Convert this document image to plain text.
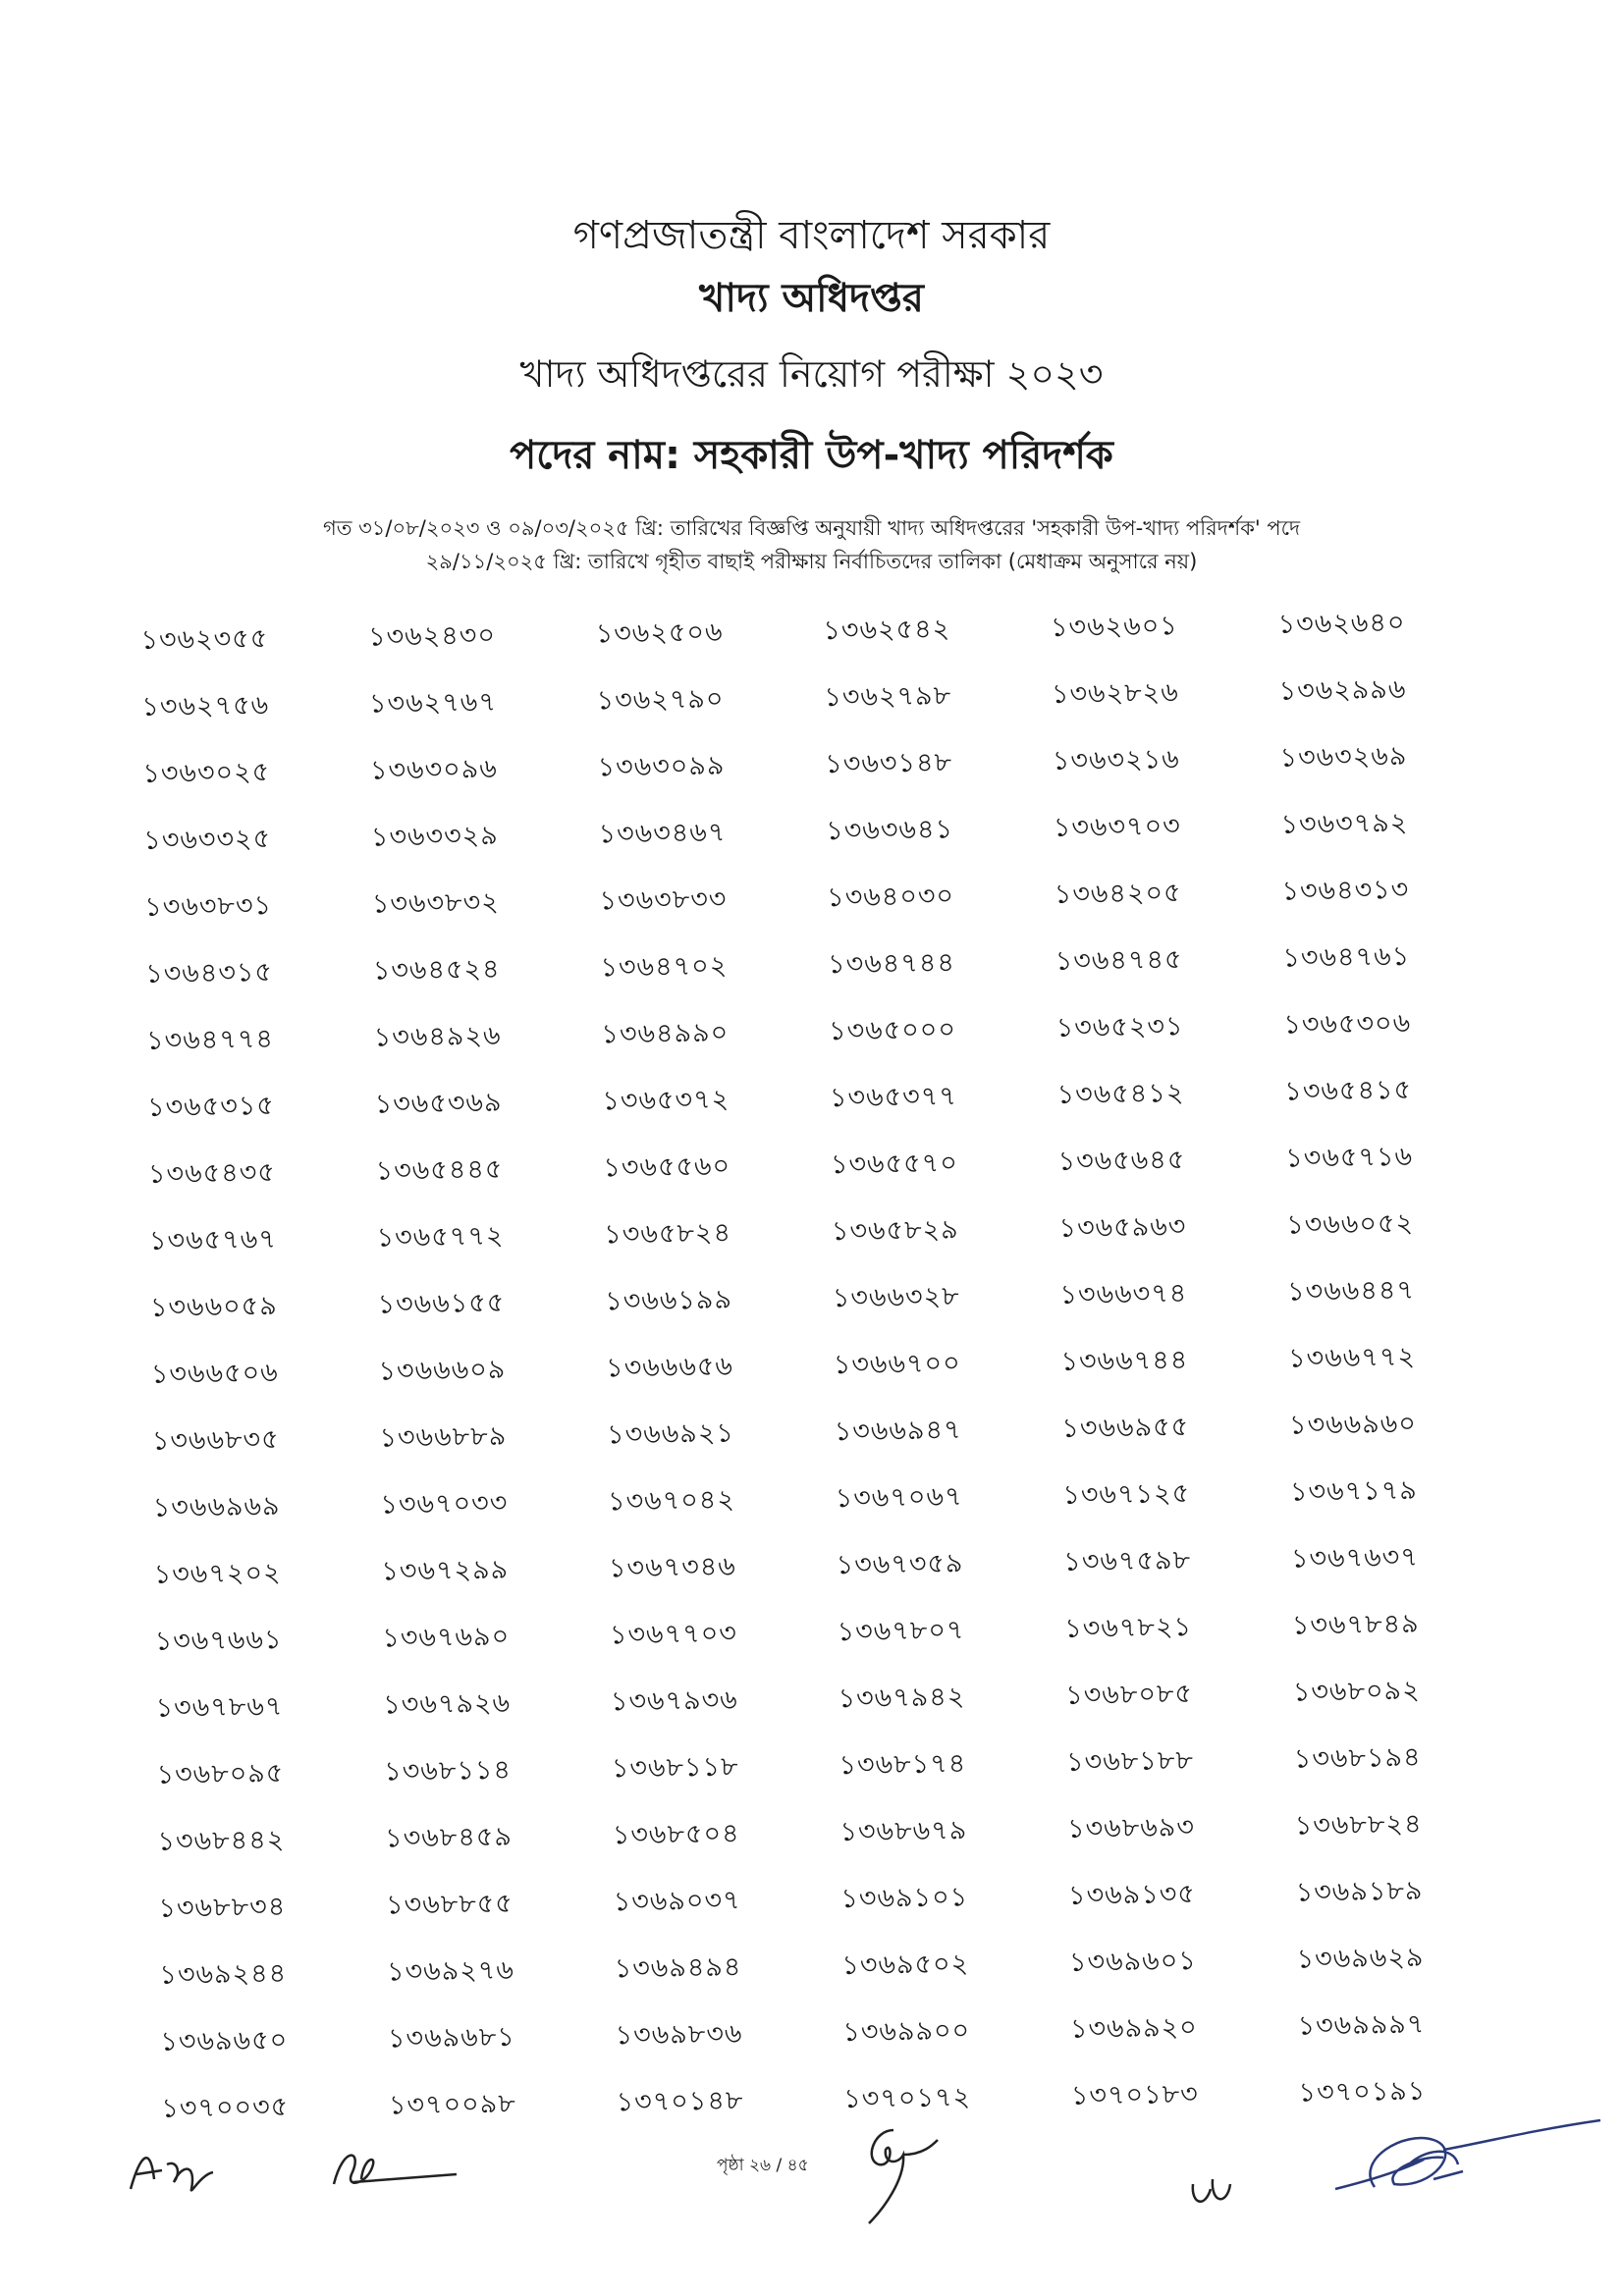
গণপ্রজাতন্ত্রী বাংলাদেশ সরকার
খাদ্য অধিদপ্তর
খাদ্য অধিদপ্তরের নিয়োগ পরীক্ষা ২০২৩
পদের নাম: সহকারী উপ-খাদ্য পরিদর্শক
গত ৩১/০৮/২০২৩ ও ০৯/০৩/২০২৫ খ্রি: তারিখের বিজ্ঞপ্তি অনুযায়ী খাদ্য অধিদপ্তরের 'সহকারী উপ-খাদ্য পরিদর্শক' পদে
২৯/১১/২০২৫ খ্রি: তারিখে গৃহীত বাছাই পরীক্ষায় নির্বাচিতদের তালিকা (মেধাক্রম অনুসারে নয়)
১৩৬২৩৫৫	১৩৬২৪৩০	১৩৬২৫০৬	১৩৬২৫৪২	১৩৬২৬০১	১৩৬২৬৪০
১৩৬২৭৫৬	১৩৬২৭৬৭	১৩৬২৭৯০	১৩৬২৭৯৮	১৩৬২৮২৬	১৩৬২৯৯৬
১৩৬৩০২৫	১৩৬৩০৯৬	১৩৬৩০৯৯	১৩৬৩১৪৮	১৩৬৩২১৬	১৩৬৩২৬৯
১৩৬৩৩২৫	১৩৬৩৩২৯	১৩৬৩৪৬৭	১৩৬৩৬৪১	১৩৬৩৭০৩	১৩৬৩৭৯২
১৩৬৩৮৩১	১৩৬৩৮৩২	১৩৬৩৮৩৩	১৩৬৪০৩০	১৩৬৪২০৫	১৩৬৪৩১৩
১৩৬৪৩১৫	১৩৬৪৫২৪	১৩৬৪৭০২	১৩৬৪৭৪৪	১৩৬৪৭৪৫	১৩৬৪৭৬১
১৩৬৪৭৭৪	১৩৬৪৯২৬	১৩৬৪৯৯০	১৩৬৫০০০	১৩৬৫২৩১	১৩৬৫৩০৬
১৩৬৫৩১৫	১৩৬৫৩৬৯	১৩৬৫৩৭২	১৩৬৫৩৭৭	১৩৬৫৪১২	১৩৬৫৪১৫
১৩৬৫৪৩৫	১৩৬৫৪৪৫	১৩৬৫৫৬০	১৩৬৫৫৭০	১৩৬৫৬৪৫	১৩৬৫৭১৬
১৩৬৫৭৬৭	১৩৬৫৭৭২	১৩৬৫৮২৪	১৩৬৫৮২৯	১৩৬৫৯৬৩	১৩৬৬০৫২
১৩৬৬০৫৯	১৩৬৬১৫৫	১৩৬৬১৯৯	১৩৬৬৩২৮	১৩৬৬৩৭৪	১৩৬৬৪৪৭
১৩৬৬৫০৬	১৩৬৬৬০৯	১৩৬৬৬৫৬	১৩৬৬৭০০	১৩৬৬৭৪৪	১৩৬৬৭৭২
১৩৬৬৮৩৫	১৩৬৬৮৮৯	১৩৬৬৯২১	১৩৬৬৯৪৭	১৩৬৬৯৫৫	১৩৬৬৯৬০
১৩৬৬৯৬৯	১৩৬৭০৩৩	১৩৬৭০৪২	১৩৬৭০৬৭	১৩৬৭১২৫	১৩৬৭১৭৯
১৩৬৭২০২	১৩৬৭২৯৯	১৩৬৭৩৪৬	১৩৬৭৩৫৯	১৩৬৭৫৯৮	১৩৬৭৬৩৭
১৩৬৭৬৬১	১৩৬৭৬৯০	১৩৬৭৭০৩	১৩৬৭৮০৭	১৩৬৭৮২১	১৩৬৭৮৪৯
১৩৬৭৮৬৭	১৩৬৭৯২৬	১৩৬৭৯৩৬	১৩৬৭৯৪২	১৩৬৮০৮৫	১৩৬৮০৯২
১৩৬৮০৯৫	১৩৬৮১১৪	১৩৬৮১১৮	১৩৬৮১৭৪	১৩৬৮১৮৮	১৩৬৮১৯৪
১৩৬৮৪৪২	১৩৬৮৪৫৯	১৩৬৮৫০৪	১৩৬৮৬৭৯	১৩৬৮৬৯৩	১৩৬৮৮২৪
১৩৬৮৮৩৪	১৩৬৮৮৫৫	১৩৬৯০৩৭	১৩৬৯১০১	১৩৬৯১৩৫	১৩৬৯১৮৯
১৩৬৯২৪৪	১৩৬৯২৭৬	১৩৬৯৪৯৪	১৩৬৯৫০২	১৩৬৯৬০১	১৩৬৯৬২৯
১৩৬৯৬৫০	১৩৬৯৬৮১	১৩৬৯৮৩৬	১৩৬৯৯০০	১৩৬৯৯২০	১৩৬৯৯৯৭
১৩৭০০৩৫	১৩৭০০৯৮	১৩৭০১৪৮	১৩৭০১৭২	১৩৭০১৮৩	১৩৭০১৯১
পৃষ্ঠা ২৬ / ৪৫
